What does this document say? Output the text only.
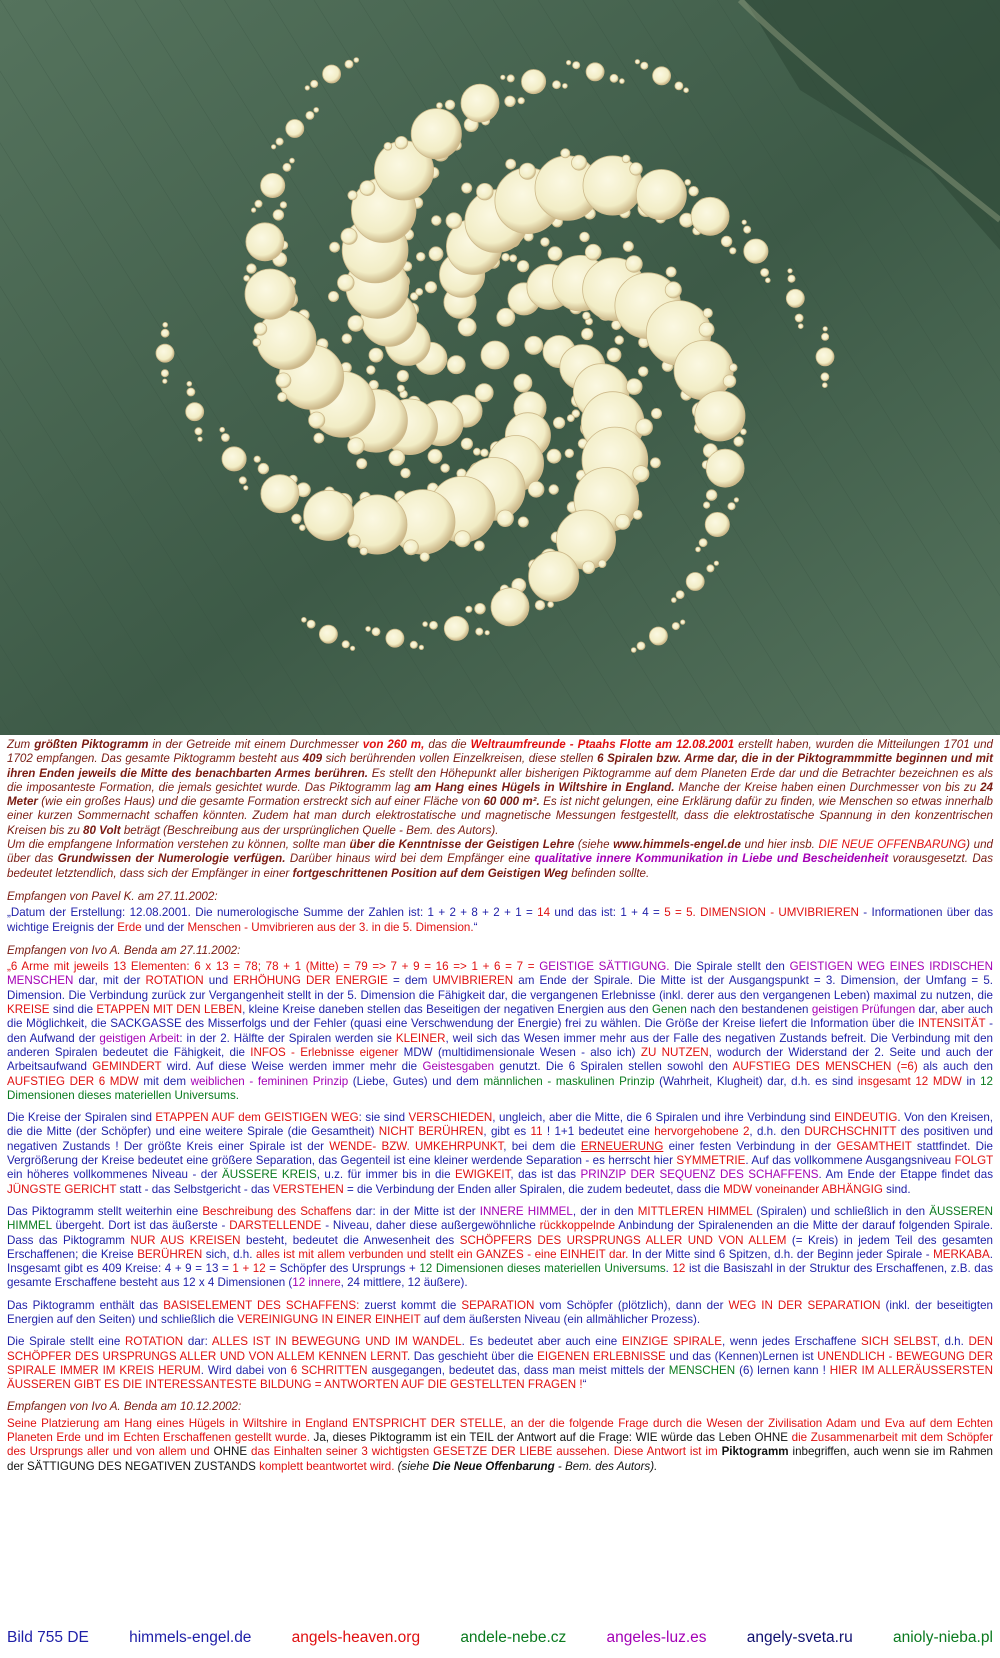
Zum größten Piktogramm in der Getreide mit einem Durchmesser von 260 m, das die Weltraumfreunde - Ptaahs Flotte am 12.08.2001 erstellt haben, wurden die Mitteilungen 1701 und 1702 empfangen. Das gesamte Piktogramm besteht aus 409 sich berührenden vollen Einzelkreisen, diese stellen 6 Spiralen bzw. Arme dar, die in der Piktogrammmitte beginnen und mit ihren Enden jeweils die Mitte des benachbarten Armes berühren. Es stellt den Höhepunkt aller bisherigen Piktogramme auf dem Planeten Erde dar und die Betrachter bezeichnen es als die imposanteste Formation, die jemals gesichtet wurde. Das Piktogramm lag am Hang eines Hügels in Wiltshire in England. Manche der Kreise haben einen Durchmesser von bis zu 24 Meter (wie ein großes Haus) und die gesamte Formation erstreckt sich auf einer Fläche von 60 000 m². Es ist nicht gelungen, eine Erklärung dafür zu finden, wie Menschen so etwas innerhalb einer kurzen Sommernacht schaffen könnten. Zudem hat man durch elektrostatische und magnetische Messungen festgestellt, dass die elektrostatische Spannung in den konzentrischen Kreisen bis zu 80 Volt beträgt (Beschreibung aus der ursprünglichen Quelle - Bem. des Autors).
Um die empfangene Information verstehen zu können, sollte man über die Kenntnisse der Geistigen Lehre (siehe www.himmels-engel.de und hier insb. DIE NEUE OFFENBARUNG) und über das Grundwissen der Numerologie verfügen. Darüber hinaus wird bei dem Empfänger eine qualitative innere Kommunikation in Liebe und Bescheidenheit vorausgesetzt. Das bedeutet letztendlich, dass sich der Empfänger in einer fortgeschrittenen Position auf dem Geistigen Weg befinden sollte.

Empfangen von Pavel K. am 27.11.2002:

„Datum der Erstellung: 12.08.2001. Die numerologische Summe der Zahlen ist: 1 + 2 + 8 + 2 + 1 = 14 und das ist: 1 + 4 = 5 = 5. DIMENSION - UMVIBRIEREN - Informationen über das wichtige Ereignis der Erde und der Menschen - Umvibrieren aus der 3. in die 5. Dimension.“

Empfangen von Ivo A. Benda am 27.11.2002:

„6 Arme mit jeweils 13 Elementen: 6 x 13 = 78; 78 + 1 (Mitte) = 79 => 7 + 9 = 16 => 1 + 6 = 7 = GEISTIGE SÄTTIGUNG. Die Spirale stellt den GEISTIGEN WEG EINES IRDISCHEN MENSCHEN dar, mit der ROTATION und ERHÖHUNG DER ENERGIE = dem UMVIBRIEREN am Ende der Spirale. Die Mitte ist der Ausgangspunkt = 3. Dimension, der Umfang = 5. Dimension. Die Verbindung zurück zur Vergangenheit stellt in der 5. Dimension die Fähigkeit dar, die vergangenen Erlebnisse (inkl. derer aus den vergangenen Leben) maximal zu nutzen, die KREISE sind die ETAPPEN MIT DEN LEBEN, kleine Kreise daneben stellen das Beseitigen der negativen Energien aus den Genen nach den bestandenen geistigen Prüfungen dar, aber auch die Möglichkeit, die SACKGASSE des Misserfolgs und der Fehler (quasi eine Verschwendung der Energie) frei zu wählen. Die Größe der Kreise liefert die Information über die INTENSITÄT - den Aufwand der geistigen Arbeit: in der 2. Hälfte der Spiralen werden sie KLEINER, weil sich das Wesen immer mehr aus der Falle des negativen Zustands befreit. Die Verbindung mit den anderen Spiralen bedeutet die Fähigkeit, die INFOS - Erlebnisse eigener MDW (multidimensionale Wesen - also ich) ZU NUTZEN, wodurch der Widerstand der 2. Seite und auch der Arbeitsaufwand GEMINDERT wird. Auf diese Weise werden immer mehr die Geistesgaben genutzt. Die 6 Spiralen stellen sowohl den AUFSTIEG DES MENSCHEN (=6) als auch den AUFSTIEG DER 6 MDW mit dem weiblichen - femininen Prinzip (Liebe, Gutes) und dem männlichen - maskulinen Prinzip (Wahrheit, Klugheit) dar, d.h. es sind insgesamt 12 MDW in 12 Dimensionen dieses materiellen Universums.

Die Kreise der Spiralen sind ETAPPEN AUF dem GEISTIGEN WEG: sie sind VERSCHIEDEN, ungleich, aber die Mitte, die 6 Spiralen und ihre Verbindung sind EINDEUTIG. Von den Kreisen, die die Mitte (der Schöpfer) und eine weitere Spirale (die Gesamtheit) NICHT BERÜHREN, gibt es 11 ! 1+1 bedeutet eine hervorgehobene 2, d.h. den DURCHSCHNITT des positiven und negativen Zustands ! Der größte Kreis einer Spirale ist der WENDE- BZW. UMKEHRPUNKT, bei dem die ERNEUERUNG einer festen Verbindung in der GESAMTHEIT stattfindet. Die Vergrößerung der Kreise bedeutet eine größere Separation, das Gegenteil ist eine kleiner werdende Separation - es herrscht hier SYMMETRIE. Auf das vollkommene Ausgangsniveau FOLGT ein höheres vollkommenes Niveau - der ÄUSSERE KREIS, u.z. für immer bis in die EWIGKEIT, das ist das PRINZIP DER SEQUENZ DES SCHAFFENS. Am Ende der Etappe findet das JÜNGSTE GERICHT statt - das Selbstgericht - das VERSTEHEN = die Verbindung der Enden aller Spiralen, die zudem bedeutet, dass die MDW voneinander ABHÄNGIG sind.

Das Piktogramm stellt weiterhin eine Beschreibung des Schaffens dar: in der Mitte ist der INNERE HIMMEL, der in den MITTLEREN HIMMEL (Spiralen) und schließlich in den ÄUSSEREN HIMMEL übergeht. Dort ist das äußerste - DARSTELLENDE - Niveau, daher diese außergewöhnliche rückkoppelnde Anbindung der Spiralenenden an die Mitte der darauf folgenden Spirale. Dass das Piktogramm NUR AUS KREISEN besteht, bedeutet die Anwesenheit des SCHÖPFERS DES URSPRUNGS ALLER UND VON ALLEM (= Kreis) in jedem Teil des gesamten Erschaffenen; die Kreise BERÜHREN sich, d.h. alles ist mit allem verbunden und stellt ein GANZES - eine EINHEIT dar. In der Mitte sind 6 Spitzen, d.h. der Beginn jeder Spirale - MERKABA. Insgesamt gibt es 409 Kreise: 4 + 9 = 13 = 1 + 12 = Schöpfer des Ursprungs + 12 Dimensionen dieses materiellen Universums. 12 ist die Basiszahl in der Struktur des Erschaffenen, z.B. das gesamte Erschaffene besteht aus 12 x 4 Dimensionen (12 innere, 24 mittlere, 12 äußere).

Das Piktogramm enthält das BASISELEMENT DES SCHAFFENS: zuerst kommt die SEPARATION vom Schöpfer (plötzlich), dann der WEG IN DER SEPARATION (inkl. der beseitigten Energien auf den Seiten) und schließlich die VEREINIGUNG IN EINER EINHEIT auf dem äußersten Niveau (ein allmählicher Prozess).

Die Spirale stellt eine ROTATION dar: ALLES IST IN BEWEGUNG UND IM WANDEL. Es bedeutet aber auch eine EINZIGE SPIRALE, wenn jedes Erschaffene SICH SELBST, d.h. DEN SCHÖPFER DES URSPRUNGS ALLER UND VON ALLEM KENNEN LERNT. Das geschieht über die EIGENEN ERLEBNISSE und das (Kennen)Lernen ist UNENDLICH - BEWEGUNG DER SPIRALE IMMER IM KREIS HERUM. Wird dabei von 6 SCHRITTEN ausgegangen, bedeutet das, dass man meist mittels der MENSCHEN (6) lernen kann ! HIER IM ALLERÄUSSERSTEN ÄUSSEREN GIBT ES DIE INTERESSANTESTE BILDUNG = ANTWORTEN AUF DIE GESTELLTEN FRAGEN !“

Empfangen von Ivo A. Benda am 10.12.2002:

Seine Platzierung am Hang eines Hügels in Wiltshire in England ENTSPRICHT DER STELLE, an der die folgende Frage durch die Wesen der Zivilisation Adam und Eva auf dem Echten Planeten Erde und im Echten Erschaffenen gestellt wurde. Ja, dieses Piktogramm ist ein TEIL der Antwort auf die Frage: WIE würde das Leben OHNE die Zusammenarbeit mit dem Schöpfer des Ursprungs aller und von allem und OHNE das Einhalten seiner 3 wichtigsten GESETZE DER LIEBE aussehen. Diese Antwort ist im Piktogramm inbegriffen, auch wenn sie im Rahmen der SÄTTIGUNG DES NEGATIVEN ZUSTANDS komplett beantwortet wird. (siehe Die Neue Offenbarung - Bem. des Autors).

Bild 755 DE	himmels-engel.de	angels-heaven.org	andele-nebe.cz	angeles-luz.es	angely-sveta.ru	anioly-nieba.pl
